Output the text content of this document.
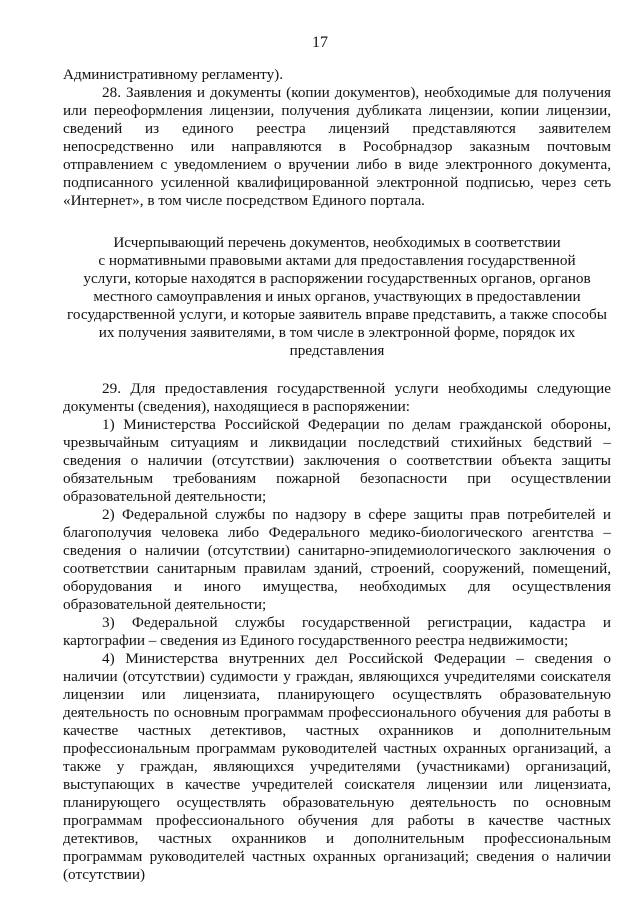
17

Административному регламенту).

28. Заявления и документы (копии документов), необходимые для получения или переоформления лицензии, получения дубликата лицензии, копии лицензии, сведений из единого реестра лицензий представляются заявителем непосредственно или направляются в Рособрнадзор заказным почтовым отправлением с уведомлением о вручении либо в виде электронного документа, подписанного усиленной квалифицированной электронной подписью, через сеть «Интернет», в том числе посредством Единого портала.

Исчерпывающий перечень документов, необходимых в соответствии
с нормативными правовыми актами для предоставления государственной
услуги, которые находятся в распоряжении государственных органов, органов
местного самоуправления и иных органов, участвующих в предоставлении
государственной услуги, и которые заявитель вправе представить, а также способы
их получения заявителями, в том числе в электронной форме, порядок их
представления

29. Для предоставления государственной услуги необходимы следующие документы (сведения), находящиеся в распоряжении:

1) Министерства Российской Федерации по делам гражданской обороны, чрезвычайным ситуациям и ликвидации последствий стихийных бедствий – сведения о наличии (отсутствии) заключения о соответствии объекта защиты обязательным требованиям пожарной безопасности при осуществлении образовательной деятельности;

2) Федеральной службы по надзору в сфере защиты прав потребителей и благополучия человека либо Федерального медико-биологического агентства – сведения о наличии (отсутствии) санитарно-эпидемиологического заключения о соответствии санитарным правилам зданий, строений, сооружений, помещений, оборудования и иного имущества, необходимых для осуществления образовательной деятельности;

3) Федеральной службы государственной регистрации, кадастра и картографии – сведения из Единого государственного реестра недвижимости;

4) Министерства внутренних дел Российской Федерации – сведения о наличии (отсутствии) судимости у граждан, являющихся учредителями соискателя лицензии или лицензиата, планирующего осуществлять образовательную деятельность по основным программам профессионального обучения для работы в качестве частных детективов, частных охранников и дополнительным профессиональным программам руководителей частных охранных организаций, а также у граждан, являющихся учредителями (участниками) организаций, выступающих в качестве учредителей соискателя лицензии или лицензиата, планирующего осуществлять образовательную деятельность по основным программам профессионального обучения для работы в качестве частных детективов, частных охранников и дополнительным профессиональным программам руководителей частных охранных организаций; сведения о наличии (отсутствии)
